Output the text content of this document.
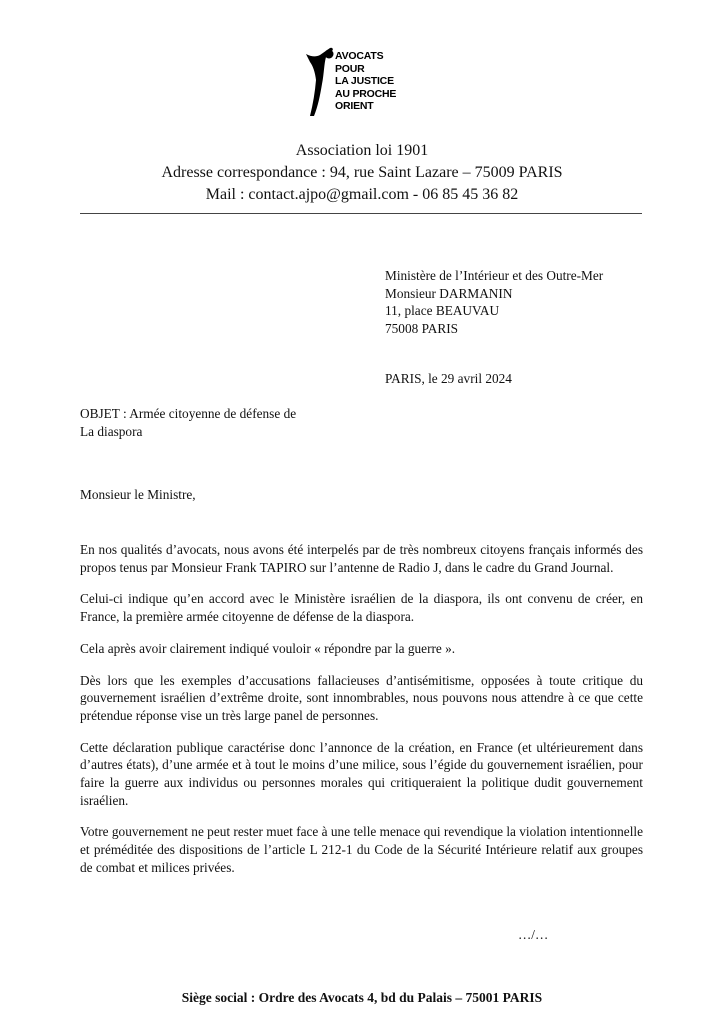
AVOCATS
POUR
LA JUSTICE
AU PROCHE
ORIENT
Association loi 1901
Adresse correspondance : 94, rue Saint Lazare – 75009 PARIS
Mail : contact.ajpo@gmail.com - 06 85 45 36 82
Ministère de l’Intérieur et des Outre-Mer
Monsieur DARMANIN
11, place BEAUVAU
75008 PARIS
PARIS, le 29 avril 2024
OBJET : Armée citoyenne de défense de
La diaspora
Monsieur le Ministre,

En nos qualités d’avocats, nous avons été interpelés par de très nombreux citoyens français informés des propos tenus par Monsieur Frank TAPIRO sur l’antenne de Radio J, dans le cadre du Grand Journal.

Celui-ci indique qu’en accord avec le Ministère israélien de la diaspora, ils ont convenu de créer, en France, la première armée citoyenne de défense de la diaspora.

Cela après avoir clairement indiqué vouloir « répondre par la guerre ».

Dès lors que les exemples d’accusations fallacieuses d’antisémitisme, opposées à toute critique du gouvernement israélien d’extrême droite, sont innombrables, nous pouvons nous attendre à ce que cette prétendue réponse vise un très large panel de personnes.

Cette déclaration publique caractérise donc l’annonce de la création, en France (et ultérieurement dans d’autres états), d’une armée et à tout le moins d’une milice, sous l’égide du gouvernement israélien, pour faire la guerre aux individus ou personnes morales qui critiqueraient la politique dudit gouvernement israélien.

Votre gouvernement ne peut rester muet face à une telle menace qui revendique la violation intentionnelle et préméditée des dispositions de l’article L 212-1 du Code de la Sécurité Intérieure relatif aux groupes de combat et milices privées.

…/…
Siège social : Ordre des Avocats 4, bd du Palais – 75001 PARIS
